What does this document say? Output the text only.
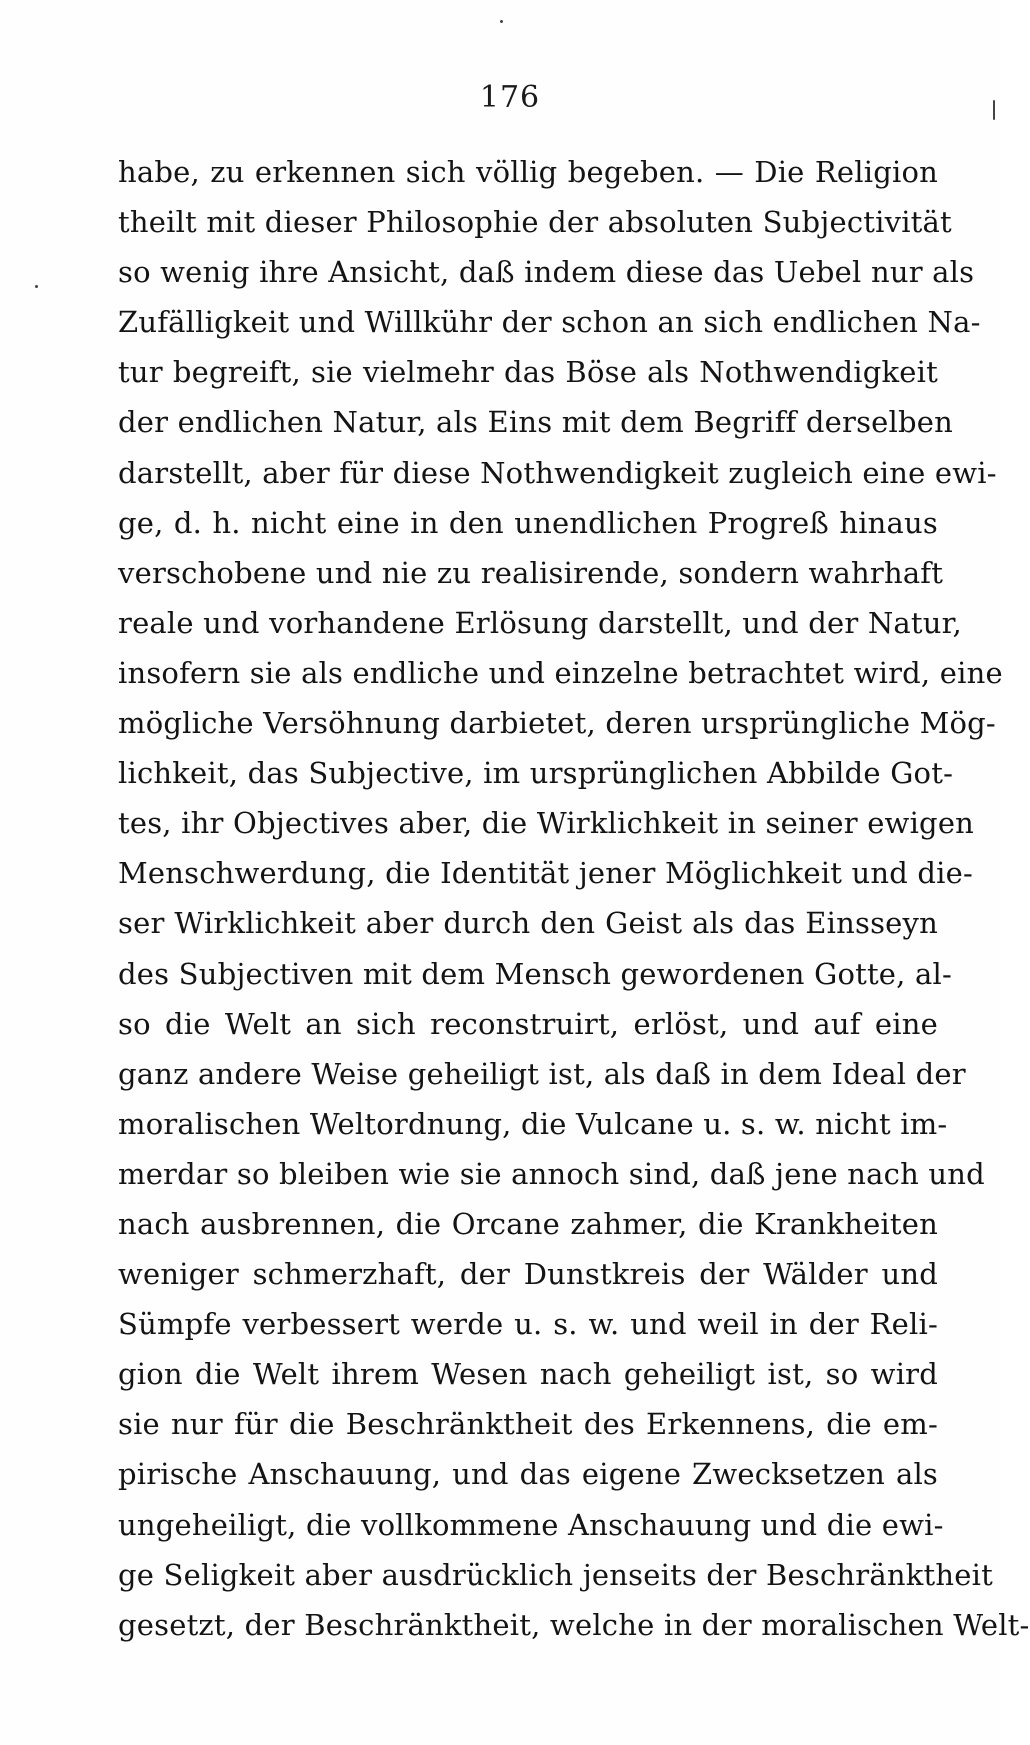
176
habe, zu erkennen sich völlig begeben. — Die Religion
theilt mit dieser Philosophie der absoluten Subjectivität
so wenig ihre Ansicht, daß indem diese das Uebel nur als
Zufälligkeit und Willkühr der schon an sich endlichen Na-
tur begreift, sie vielmehr das Böse als Nothwendigkeit
der endlichen Natur, als Eins mit dem Begriff derselben
darstellt, aber für diese Nothwendigkeit zugleich eine ewi-
ge, d. h. nicht eine in den unendlichen Progreß hinaus
verschobene und nie zu realisirende, sondern wahrhaft
reale und vorhandene Erlösung darstellt, und der Natur,
insofern sie als endliche und einzelne betrachtet wird, eine
mögliche Versöhnung darbietet, deren ursprüngliche Mög-
lichkeit, das Subjective, im ursprünglichen Abbilde Got-
tes, ihr Objectives aber, die Wirklichkeit in seiner ewigen
Menschwerdung, die Identität jener Möglichkeit und die-
ser Wirklichkeit aber durch den Geist als das Einsseyn
des Subjectiven mit dem Mensch gewordenen Gotte, al-
so die Welt an sich reconstruirt, erlöst, und auf eine
ganz andere Weise geheiligt ist, als daß in dem Ideal der
moralischen Weltordnung, die Vulcane u. s. w. nicht im-
merdar so bleiben wie sie annoch sind, daß jene nach und
nach ausbrennen, die Orcane zahmer, die Krankheiten
weniger schmerzhaft, der Dunstkreis der Wälder und
Sümpfe verbessert werde u. s. w. und weil in der Reli-
gion die Welt ihrem Wesen nach geheiligt ist, so wird
sie nur für die Beschränktheit des Erkennens, die em-
pirische Anschauung, und das eigene Zwecksetzen als
ungeheiligt, die vollkommene Anschauung und die ewi-
ge Seligkeit aber ausdrücklich jenseits der Beschränktheit
gesetzt, der Beschränktheit, welche in der moralischen Welt-
